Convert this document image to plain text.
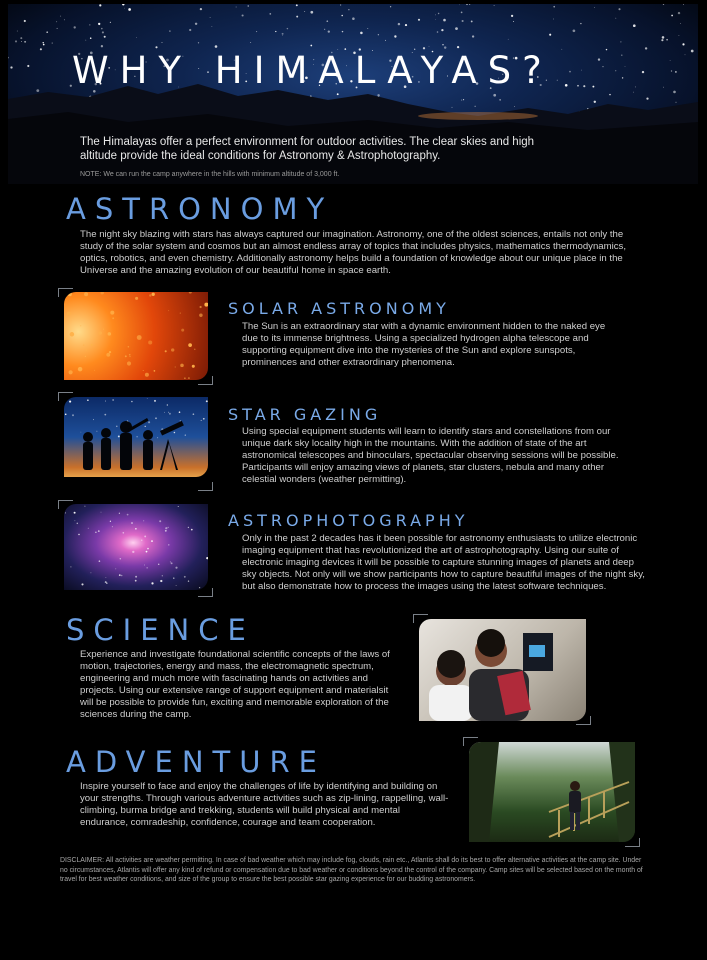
WHY HIMALAYAS?

The Himalayas offer a perfect environment for outdoor activities. The clear skies and high altitude provide the ideal conditions for Astronomy & Astrophotography.

NOTE: We can run the camp anywhere in the hills with minimum altitude of 3,000 ft.

ASTRONOMY

The night sky blazing with stars has always captured our imagination. Astronomy, one of the oldest sciences, entails not only the study of the solar system and cosmos but an almost endless array of topics that includes physics, mathematics thermodynamics, optics, robotics, and even chemistry. Additionally astronomy helps build a foundation of knowledge about our unique place in the Universe and the amazing evolution of our beautiful home in space earth.

SOLAR ASTRONOMY

The Sun is an extraordinary star with a dynamic environment hidden to the naked eye due to its immense brightness. Using a specialized hydrogen alpha telescope and supporting equipment dive into the mysteries of the Sun and explore sunspots, prominences and other extraordinary phenomena.

STAR GAZING

Using special equipment students will learn to identify stars and constellations from our unique dark sky locality high in the mountains. With the addition of state of the art astronomical telescopes and binoculars, spectacular observing sessions will be possible. Participants will enjoy amazing views of planets, star clusters, nebula and many other celestial wonders (weather permitting).

ASTROPHOTOGRAPHY

Only in the past 2 decades has it been possible for astronomy enthusiasts to utilize electronic imaging equipment that has revolutionized the art of astrophotography. Using our suite of electronic imaging devices it will be possible to capture stunning images of planets and deep sky objects. Not only will we show participants how to capture beautiful images of the night sky, but also demonstrate how to process the images using the latest software techniques.

SCIENCE

Experience and investigate foundational scientific concepts of the laws of motion, trajectories, energy and mass, the electromagnetic spectrum, engineering and much more with fascinating hands on activities and projects. Using our extensive range of support equipment and materialsit will be possible to provide fun, exciting and memorable exploration of the sciences during the camp.

ADVENTURE

Inspire yourself to face and enjoy the challenges of life by identifying and building on your strengths. Through various adventure activities such as zip-lining, rappelling, wall-climbing, burma bridge and trekking, students will build physical and mental endurance, comradeship, confidence, courage and team cooperation.

DISCLAIMER: All activities are weather permitting. In case of bad weather which may include fog, clouds, rain etc., Atlantis shall do its best to offer alternative activities at the camp site. Under no circumstances, Atlantis will offer any kind of refund or compensation due to bad weather or conditions beyond the control of the company. Camp sites will be selected based on the month of travel for best weather conditions, and size of the group to ensure the best possible star gazing experience for our budding astronomers.
